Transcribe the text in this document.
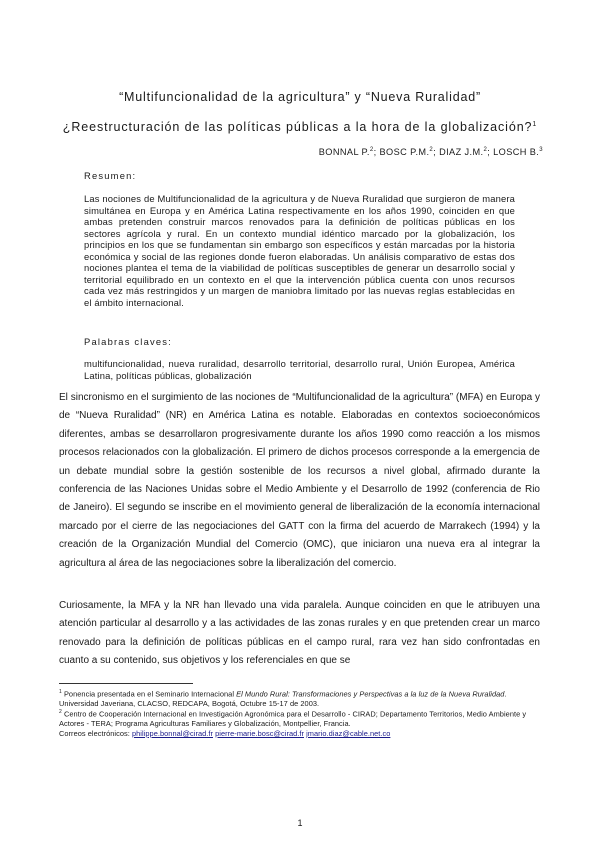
“Multifuncionalidad de la agricultura” y “Nueva Ruralidad”
¿Reestructuración de las políticas públicas a la hora de la globalización?$^1$
BONNAL P.$^2$; BOSC P.M.$^2$; DIAZ J.M.$^2$; LOSCH B.$^3$
Resumen:
Las nociones de Multifuncionalidad de la agricultura y de Nueva Ruralidad que surgieron de manera simultánea en Europa y en América Latina respectivamente en los años 1990, coinciden en que ambas pretenden construir marcos renovados para la definición de políticas públicas en los sectores agrícola y rural. En un contexto mundial idéntico marcado por la globalización, los principios en los que se fundamentan sin embargo son específicos y están marcadas por la historia económica y social de las regiones donde fueron elaboradas. Un análisis comparativo de estas dos nociones plantea el tema de la viabilidad de políticas susceptibles de generar un desarrollo social y territorial equilibrado en un contexto en el que la intervención pública cuenta con unos recursos cada vez más restringidos y un margen de maniobra limitado por las nuevas reglas establecidas en el ámbito internacional.
Palabras claves:
multifuncionalidad, nueva ruralidad, desarrollo territorial, desarrollo rural, Unión Europea, América Latina, políticas públicas, globalización
El sincronismo en el surgimiento de las nociones de “Multifuncionalidad de la agricultura” (MFA) en Europa y de “Nueva Ruralidad” (NR) en América Latina es notable. Elaboradas en contextos socioeconómicos diferentes, ambas se desarrollaron progresivamente durante los años 1990 como reacción a los mismos procesos relacionados con la globalización. El primero de dichos procesos corresponde a la emergencia de un debate mundial sobre la gestión sostenible de los recursos a nivel global, afirmado durante la conferencia de las Naciones Unidas sobre el Medio Ambiente y el Desarrollo de 1992 (conferencia de Rio de Janeiro). El segundo se inscribe en el movimiento general de liberalización de la economía internacional marcado por el cierre de las negociaciones del GATT con la firma del acuerdo de Marrakech (1994) y la creación de la Organización Mundial del Comercio (OMC), que iniciaron una nueva era al integrar la agricultura al área de las negociaciones sobre la liberalización del comercio.
Curiosamente, la MFA y la NR han llevado una vida paralela. Aunque coinciden en que le atribuyen una atención particular al desarrollo y a las actividades de las zonas rurales y en que pretenden crear un marco renovado para la definición de políticas públicas en el campo rural, rara vez han sido confrontadas en cuanto a su contenido, sus objetivos y los referenciales en que se
$^1$ Ponencia presentada en el Seminario Internacional El Mundo Rural: Transformaciones y Perspectivas a la luz de la Nueva Ruralidad. Universidad Javeriana, CLACSO, REDCAPA, Bogotá, Octubre 15-17 de 2003.
$^2$ Centro de Cooperación Internacional en Investigación Agronómica para el Desarrollo - CIRAD; Departamento Territorios, Medio Ambiente y Actores - TERA; Programa Agriculturas Familiares y Globalización, Montpellier, Francia.
Correos electrónicos: philippe.bonnal@cirad.fr pierre-marie.bosc@cirad.fr jmario.diaz@cable.net.co
1
